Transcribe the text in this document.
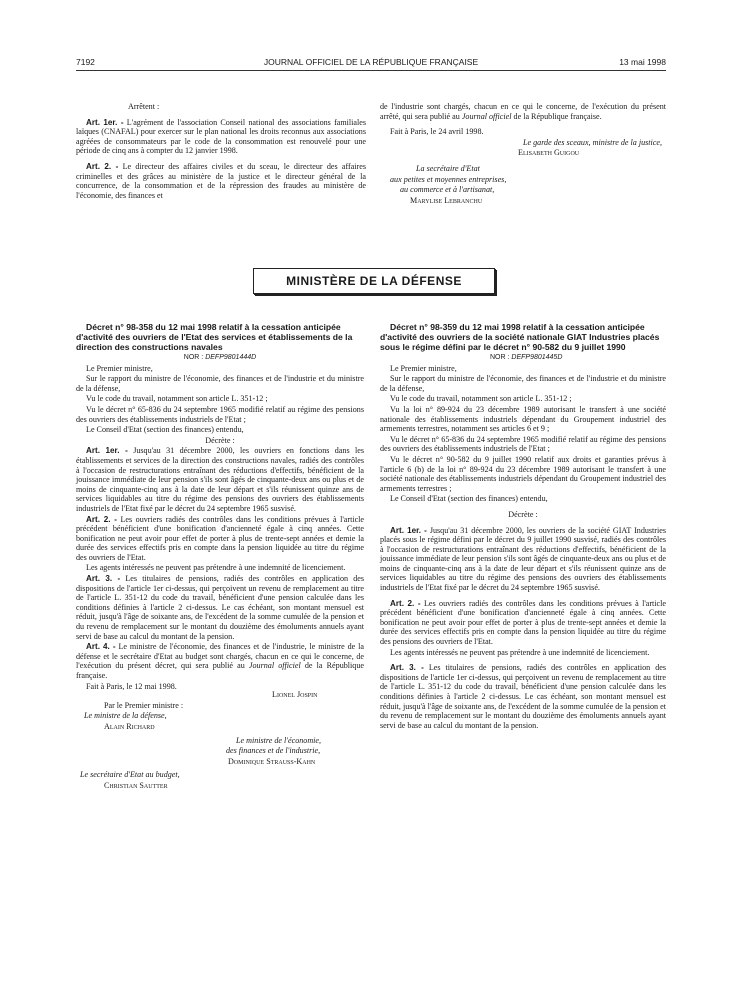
7192	JOURNAL OFFICIEL DE LA RÉPUBLIQUE FRANÇAISE	13 mai 1998

Arrêtent :

Art. 1er. - L'agrément de l'association Conseil national des associations familiales laïques (CNAFAL) pour exercer sur le plan national les droits reconnus aux associations agréées de consommateurs par le code de la consommation est renouvelé pour une période de cinq ans à compter du 12 janvier 1998.

Art. 2. - Le directeur des affaires civiles et du sceau, le directeur des affaires criminelles et des grâces au ministère de la justice et le directeur général de la concurrence, de la consommation et de la répression des fraudes au ministère de l'économie, des finances et

de l'industrie sont chargés, chacun en ce qui le concerne, de l'exécution du présent arrêté, qui sera publié au Journal officiel de la République française.

Fait à Paris, le 24 avril 1998.

Le garde des sceaux, ministre de la justice,

Elisabeth Guigou

La secrétaire d'Etat

aux petites et moyennes entreprises,

au commerce et à l'artisanat,

Marylise Lebranchu

MINISTÈRE DE LA DÉFENSE

Décret n° 98-358 du 12 mai 1998 relatif à la cessation anticipée d'activité des ouvriers de l'Etat des services et établissements de la direction des constructions navales

NOR : DEFP9801444D

Le Premier ministre,

Sur le rapport du ministre de l'économie, des finances et de l'industrie et du ministre de la défense,

Vu le code du travail, notamment son article L. 351-12 ;

Vu le décret n° 65-836 du 24 septembre 1965 modifié relatif au régime des pensions des ouvriers des établissements industriels de l'Etat ;

Le Conseil d'Etat (section des finances) entendu,

Décrète :

Art. 1er. - Jusqu'au 31 décembre 2000, les ouvriers en fonctions dans les établissements et services de la direction des constructions navales, radiés des contrôles à l'occasion de restructurations entraînant des réductions d'effectifs, bénéficient de la jouissance immédiate de leur pension s'ils sont âgés de cinquante-deux ans ou plus et de moins de cinquante-cinq ans à la date de leur départ et s'ils réunissent quinze ans de services liquidables au titre du régime des pensions des ouvriers des établissements industriels de l'Etat fixé par le décret du 24 septembre 1965 susvisé.

Art. 2. - Les ouvriers radiés des contrôles dans les conditions prévues à l'article précédent bénéficient d'une bonification d'ancienneté égale à cinq années. Cette bonification ne peut avoir pour effet de porter à plus de trente-sept années et demie la durée des services effectifs pris en compte dans la pension liquidée au titre du régime des ouvriers de l'Etat.

Les agents intéressés ne peuvent pas prétendre à une indemnité de licenciement.

Art. 3. - Les titulaires de pensions, radiés des contrôles en application des dispositions de l'article 1er ci-dessus, qui perçoivent un revenu de remplacement au titre de l'article L. 351-12 du code du travail, bénéficient d'une pension calculée dans les conditions définies à l'article 2 ci-dessus. Le cas échéant, son montant mensuel est réduit, jusqu'à l'âge de soixante ans, de l'excédent de la somme cumulée de la pension et du revenu de remplacement sur le montant du douzième des émoluments annuels ayant servi de base au calcul du montant de la pension.

Art. 4. - Le ministre de l'économie, des finances et de l'industrie, le ministre de la défense et le secrétaire d'Etat au budget sont chargés, chacun en ce qui le concerne, de l'exécution du présent décret, qui sera publié au Journal officiel de la République française.

Fait à Paris, le 12 mai 1998.

Lionel Jospin

Par le Premier ministre :

Le ministre de la défense,

Alain Richard

Le ministre de l'économie,

des finances et de l'industrie,

Dominique Strauss-Kahn

Le secrétaire d'Etat au budget,

Christian Sautter

Décret n° 98-359 du 12 mai 1998 relatif à la cessation anticipée d'activité des ouvriers de la société nationale GIAT Industries placés sous le régime défini par le décret n° 90-582 du 9 juillet 1990

NOR : DEFP9801445D

Le Premier ministre,

Sur le rapport du ministre de l'économie, des finances et de l'industrie et du ministre de la défense,

Vu le code du travail, notamment son article L. 351-12 ;

Vu la loi n° 89-924 du 23 décembre 1989 autorisant le transfert à une société nationale des établissements industriels dépendant du Groupement industriel des armements terrestres, notamment ses articles 6 et 9 ;

Vu le décret n° 65-836 du 24 septembre 1965 modifié relatif au régime des pensions des ouvriers des établissements industriels de l'Etat ;

Vu le décret n° 90-582 du 9 juillet 1990 relatif aux droits et garanties prévus à l'article 6 (b) de la loi n° 89-924 du 23 décembre 1989 autorisant le transfert à une société nationale des établissements industriels dépendant du Groupement industriel des armements terrestres ;

Le Conseil d'Etat (section des finances) entendu,

Décrète :

Art. 1er. - Jusqu'au 31 décembre 2000, les ouvriers de la société GIAT Industries placés sous le régime défini par le décret du 9 juillet 1990 susvisé, radiés des contrôles à l'occasion de restructurations entraînant des réductions d'effectifs, bénéficient de la jouissance immédiate de leur pension s'ils sont âgés de cinquante-deux ans ou plus et de moins de cinquante-cinq ans à la date de leur départ et s'ils réunissent quinze ans de services liquidables au titre du régime des pensions des ouvriers des établissements industriels de l'Etat fixé par le décret du 24 septembre 1965 susvisé.

Art. 2. - Les ouvriers radiés des contrôles dans les conditions prévues à l'article précédent bénéficient d'une bonification d'ancienneté égale à cinq années. Cette bonification ne peut avoir pour effet de porter à plus de trente-sept années et demie la durée des services effectifs pris en compte dans la pension liquidée au titre du régime des pensions des ouvriers de l'Etat.

Les agents intéressés ne peuvent pas prétendre à une indemnité de licenciement.

Art. 3. - Les titulaires de pensions, radiés des contrôles en application des dispositions de l'article 1er ci-dessus, qui perçoivent un revenu de remplacement au titre de l'article L. 351-12 du code du travail, bénéficient d'une pension calculée dans les conditions définies à l'article 2 ci-dessus. Le cas échéant, son montant mensuel est réduit, jusqu'à l'âge de soixante ans, de l'excédent de la somme cumulée de la pension et du revenu de remplacement sur le montant du douzième des émoluments annuels ayant servi de base au calcul du montant de la pension.
